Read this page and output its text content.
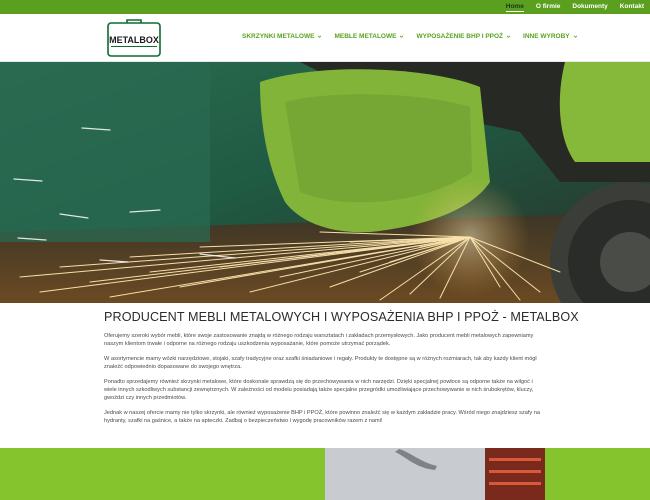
Home O firmie Dokumenty Kontakt
METALBOX	SKRZYNKI METALOWE	MEBLE METALOWE	WYPOSAŻENIE BHP I PPOŻ	INNE WYROBY
PRODUCENT MEBLI METALOWYCH I WYPOSAŻENIA BHP I PPOŻ - METALBOX

Oferujemy szeroki wybór mebli, które swoje zastosowanie znajdą w różnego rodzaju warsztatach i zakładach przemysłowych. Jako producent mebli metalowych zapewniamy naszym klientom trwałe i odporne na różnego rodzaju uszkodzenia wyposażanie, które pomoże utrzymać porządek.

W asortymencie mamy wózki narzędziowe, stojaki, szafy tradycyjne oraz szafki śniadaniowe i regały. Produkty te dostępne są w różnych rozmiarach, tak aby każdy klient mógł znaleźć odpowiednio dopasowane do swojego wnętrza.

Ponadto sprzedajemy również skrzynki metalowe, które doskonale sprawdzą się do przechowywania w nich narzędzi. Dzięki specjalnej powłoce są odporne także na wilgoć i wiele innych szkodliwych substancji zewnętrznych. W zależności od modelu posiadają także specjalne przegródki umożliwiające przechowywanie w nich śrubokrętów, kluczy, gwoździ czy innych przedmiotów.

Jednak w naszej ofercie mamy nie tylko skrzynki, ale również wyposażenie BHP i PPOŻ, które powinno znaleźć się w każdym zakładzie pracy. Wśród niego znajdziesz szafy na hydranty, szafki na gaśnice, a także na apteczki. Zadbaj o bezpieczeństwo i wygodę pracowników razem z nami!
